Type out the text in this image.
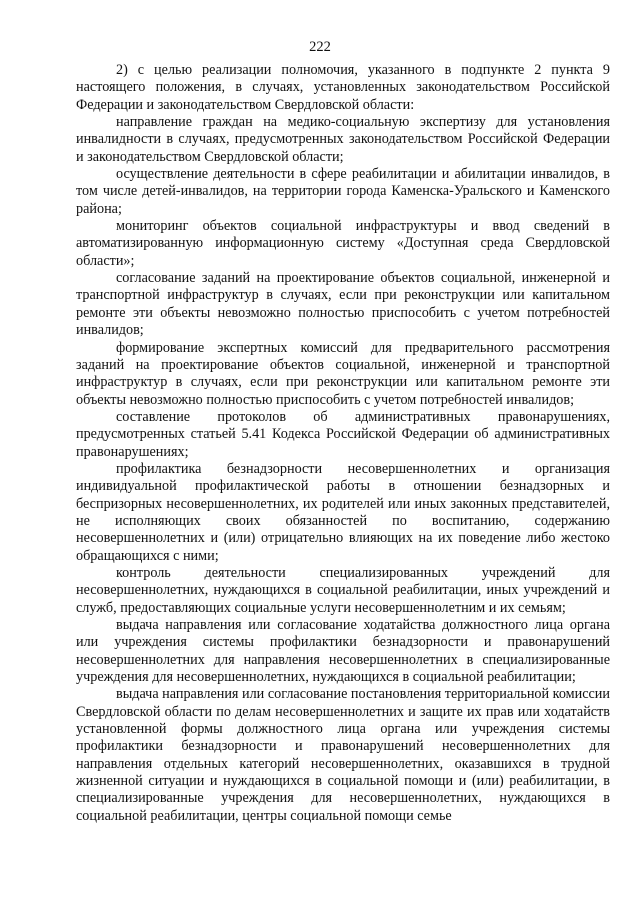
222

2) с целью реализации полномочия, указанного в подпункте 2 пункта 9 настоящего положения, в случаях, установленных законодательством Российской Федерации и законодательством Свердловской области:

направление граждан на медико-социальную экспертизу для установления инвалидности в случаях, предусмотренных законодательством Российской Федерации и законодательством Свердловской области;

осуществление деятельности в сфере реабилитации и абилитации инвалидов, в том числе детей-инвалидов, на территории города Каменска-Уральского и Каменского района;

мониторинг объектов социальной инфраструктуры и ввод сведений в автоматизированную информационную систему «Доступная среда Свердловской области»;

согласование заданий на проектирование объектов социальной, инженерной и транспортной инфраструктур в случаях, если при реконструкции или капитальном ремонте эти объекты невозможно полностью приспособить с учетом потребностей инвалидов;

формирование экспертных комиссий для предварительного рассмотрения заданий на проектирование объектов социальной, инженерной и транспортной инфраструктур в случаях, если при реконструкции или капитальном ремонте эти объекты невозможно полностью приспособить с учетом потребностей инвалидов;

составление протоколов об административных правонарушениях, предусмотренных статьей 5.41 Кодекса Российской Федерации об административных правонарушениях;

профилактика безнадзорности несовершеннолетних и организация индивидуальной профилактической работы в отношении безнадзорных и беспризорных несовершеннолетних, их родителей или иных законных представителей, не исполняющих своих обязанностей по воспитанию, содержанию несовершеннолетних и (или) отрицательно влияющих на их поведение либо жестоко обращающихся с ними;

контроль деятельности специализированных учреждений для несовершеннолетних, нуждающихся в социальной реабилитации, иных учреждений и служб, предоставляющих социальные услуги несовершеннолетним и их семьям;

выдача направления или согласование ходатайства должностного лица органа или учреждения системы профилактики безнадзорности и правонарушений несовершеннолетних для направления несовершеннолетних в специализированные учреждения для несовершеннолетних, нуждающихся в социальной реабилитации;

выдача направления или согласование постановления территориальной комиссии Свердловской области по делам несовершеннолетних и защите их прав или ходатайств установленной формы должностного лица органа или учреждения системы профилактики безнадзорности и правонарушений несовершеннолетних для направления отдельных категорий несовершеннолетних, оказавшихся в трудной жизненной ситуации и нуждающихся в социальной помощи и (или) реабилитации, в специализированные учреждения для несовершеннолетних, нуждающихся в социальной реабилитации, центры социальной помощи семье
